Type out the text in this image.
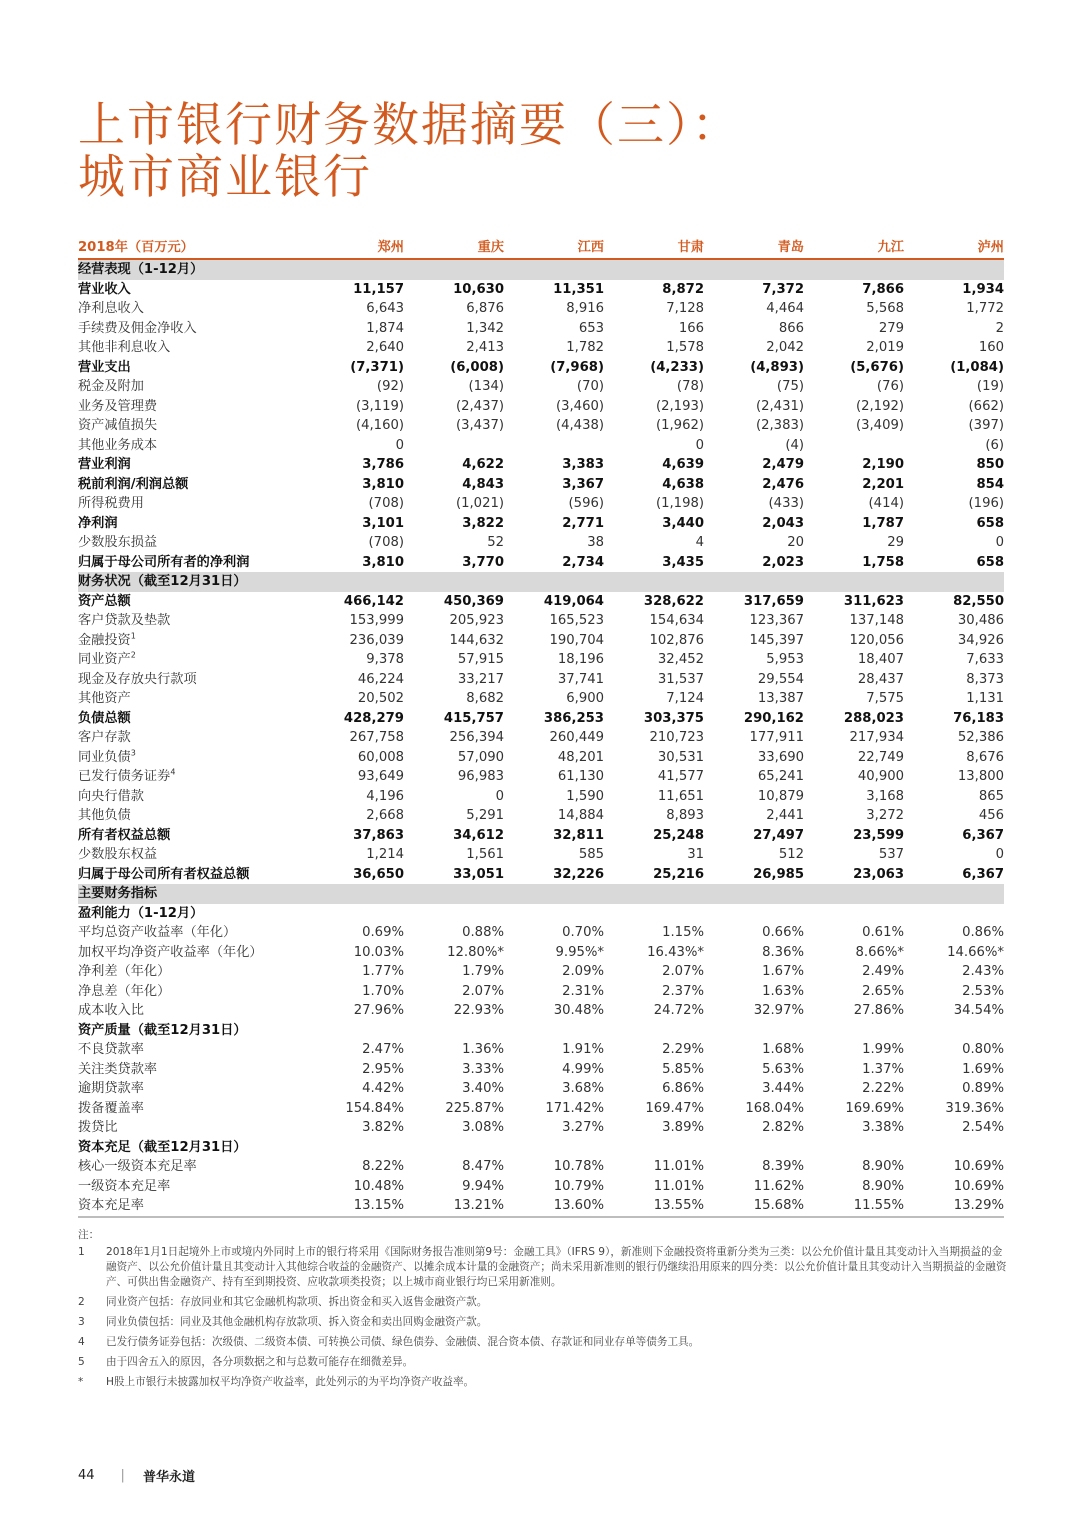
上市银行财务数据摘要（三）：
城市商业银行
2018年（百万元）	郑州	重庆	江西	甘肃	青岛	九江	泸州
经营表现（1-12月）							
营业收入	11,157	10,630	11,351	8,872	7,372	7,866	1,934
净利息收入	6,643	6,876	8,916	7,128	4,464	5,568	1,772
手续费及佣金净收入	1,874	1,342	653	166	866	279	2
其他非利息收入	2,640	2,413	1,782	1,578	2,042	2,019	160
营业支出	(7,371)	(6,008)	(7,968)	(4,233)	(4,893)	(5,676)	(1,084)
税金及附加	(92)	(134)	(70)	(78)	(75)	(76)	(19)
业务及管理费	(3,119)	(2,437)	(3,460)	(2,193)	(2,431)	(2,192)	(662)
资产减值损失	(4,160)	(3,437)	(4,438)	(1,962)	(2,383)	(3,409)	(397)
其他业务成本	0			0	(4)		(6)
营业利润	3,786	4,622	3,383	4,639	2,479	2,190	850
税前利润/利润总额	3,810	4,843	3,367	4,638	2,476	2,201	854
所得税费用	(708)	(1,021)	(596)	(1,198)	(433)	(414)	(196)
净利润	3,101	3,822	2,771	3,440	2,043	1,787	658
少数股东损益	(708)	52	38	4	20	29	0
归属于母公司所有者的净利润	3,810	3,770	2,734	3,435	2,023	1,758	658
财务状况（截至12月31日）							
资产总额	466,142	450,369	419,064	328,622	317,659	311,623	82,550
客户贷款及垫款	153,999	205,923	165,523	154,634	123,367	137,148	30,486
金融投资$^1$	236,039	144,632	190,704	102,876	145,397	120,056	34,926
同业资产$^2$	9,378	57,915	18,196	32,452	5,953	18,407	7,633
现金及存放央行款项	46,224	33,217	37,741	31,537	29,554	28,437	8,373
其他资产	20,502	8,682	6,900	7,124	13,387	7,575	1,131
负债总额	428,279	415,757	386,253	303,375	290,162	288,023	76,183
客户存款	267,758	256,394	260,449	210,723	177,911	217,934	52,386
同业负债$^3$	60,008	57,090	48,201	30,531	33,690	22,749	8,676
已发行债务证券$^4$	93,649	96,983	61,130	41,577	65,241	40,900	13,800
向央行借款	4,196	0	1,590	11,651	10,879	3,168	865
其他负债	2,668	5,291	14,884	8,893	2,441	3,272	456
所有者权益总额	37,863	34,612	32,811	25,248	27,497	23,599	6,367
少数股东权益	1,214	1,561	585	31	512	537	0
归属于母公司所有者权益总额	36,650	33,051	32,226	25,216	26,985	23,063	6,367
主要财务指标							
盈利能力（1-12月）							
平均总资产收益率（年化）	0.69%	0.88%	0.70%	1.15%	0.66%	0.61%	0.86%
加权平均净资产收益率（年化）	10.03%	12.80%*	9.95%*	16.43%*	8.36%	8.66%*	14.66%*
净利差（年化）	1.77%	1.79%	2.09%	2.07%	1.67%	2.49%	2.43%
净息差（年化）	1.70%	2.07%	2.31%	2.37%	1.63%	2.65%	2.53%
成本收入比	27.96%	22.93%	30.48%	24.72%	32.97%	27.86%	34.54%
资产质量（截至12月31日）							
不良贷款率	2.47%	1.36%	1.91%	2.29%	1.68%	1.99%	0.80%
关注类贷款率	2.95%	3.33%	4.99%	5.85%	5.63%	1.37%	1.69%
逾期贷款率	4.42%	3.40%	3.68%	6.86%	3.44%	2.22%	0.89%
拨备覆盖率	154.84%	225.87%	171.42%	169.47%	168.04%	169.69%	319.36%
拨贷比	3.82%	3.08%	3.27%	3.89%	2.82%	3.38%	2.54%
资本充足（截至12月31日）							
核心一级资本充足率	8.22%	8.47%	10.78%	11.01%	8.39%	8.90%	10.69%
一级资本充足率	10.48%	9.94%	10.79%	11.01%	11.62%	8.90%	10.69%
资本充足率	13.15%	13.21%	13.60%	13.55%	15.68%	11.55%	13.29%
注：
1	2018年1月1日起境外上市或境内外同时上市的银行将采用《国际财务报告准则第9号：金融工具》（IFRS 9），新准则下金融投资将重新分类为三类：以公允价值计量且其变动计入当期损益的金融资产、以公允价值计量且其变动计入其他综合收益的金融资产、以摊余成本计量的金融资产；尚未采用新准则的银行仍继续沿用原来的四分类：以公允价值计量且其变动计入当期损益的金融资产、可供出售金融资产、持有至到期投资、应收款项类投资；以上城市商业银行均已采用新准则。
2	同业资产包括：存放同业和其它金融机构款项、拆出资金和买入返售金融资产款。
3	同业负债包括：同业及其他金融机构存放款项、拆入资金和卖出回购金融资产款。
4	已发行债务证券包括：次级债、二级资本债、可转换公司债、绿色债券、金融债、混合资本债、存款证和同业存单等债务工具。
5	由于四舍五入的原因，各分项数据之和与总数可能存在细微差异。
*	H股上市银行未披露加权平均净资产收益率，此处列示的为平均净资产收益率。
44 | 普华永道
